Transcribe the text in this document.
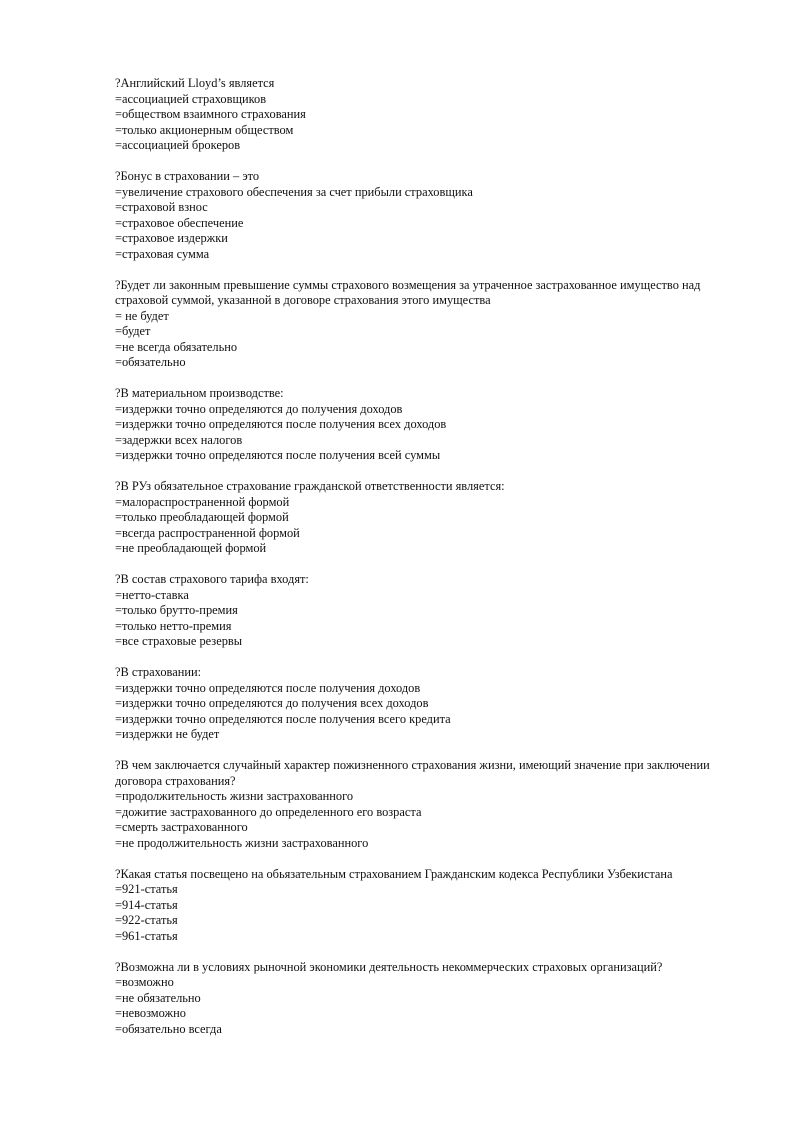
?Английский Lloyd’s является
=ассоциацией страховщиков
=обществом взаимного страхования
=только акционерным обществом
=ассоциацией брокеров
?Бонус в страховании – это
=увеличение страхового обеспечения за счет прибыли страховщика
=страховой взнос
=страховое обеспечение
=страховое издержки
=страховая сумма
?Будет ли законным превышение суммы страхового возмещения за утраченное застрахованное имущество над страховой суммой, указанной в договоре страхования этого имущества
= не будет
=будет
=не всегда обязательно
=обязательно
?В материальном производстве:
=издержки точно определяются до получения доходов
=издержки точно определяются после получения всех доходов
=задержки всех налогов
=издержки точно определяются после получения всей суммы
?В РУз обязательное страхование гражданской ответственности является:
=малораспространенной формой
=только преобладающей формой
=всегда распространенной формой
=не преобладающей формой
?В состав страхового тарифа входят:
=нетто-ставка
=только брутто-премия
=только нетто-премия
=все страховые резервы
?В страховании:
=издержки точно определяются после получения доходов
=издержки точно определяются до получения всех доходов
=издержки точно определяются после получения всего кредита
=издержки не будет
?В чем заключается случайный характер пожизненного страхования жизни, имеющий значение при заключении договора страхования?
=продолжительность жизни застрахованного
=дожитие застрахованного до определенного его возраста
=смерть застрахованного
=не продолжительность жизни застрахованного
?Какая статья посвещено на обьязательным страхованием Гражданским кодекса Республики Узбекистана
=921-статья
=914-статья
=922-статья
=961-статья
?Возможна ли в условиях рыночной экономики деятельность некоммерческих страховых организаций?
=возможно
=не обязательно
=невозможно
=обязательно всегда
